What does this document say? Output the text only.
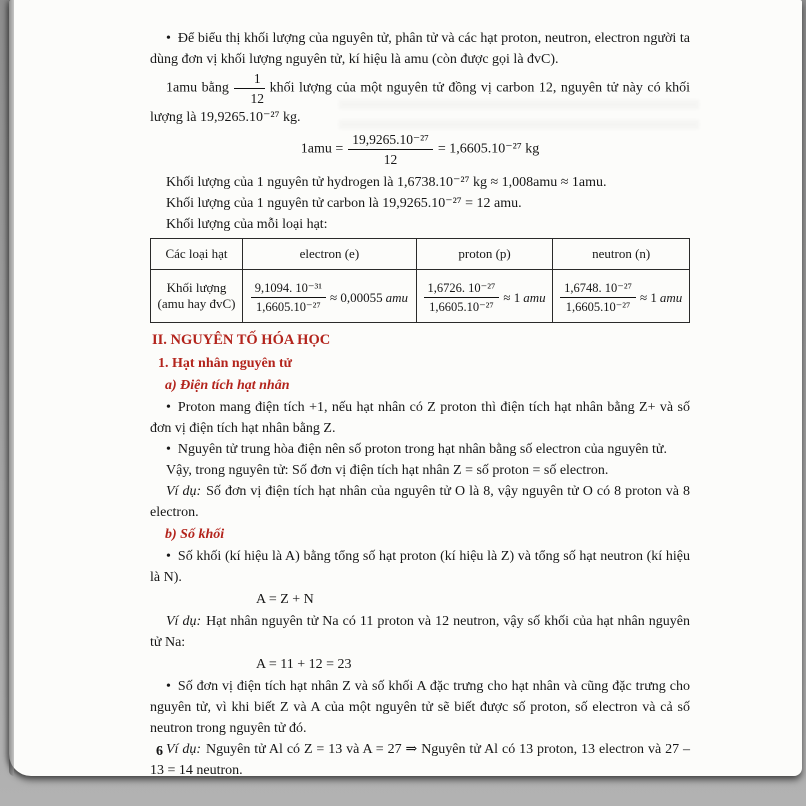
• Để biểu thị khối lượng của nguyên tử, phân tử và các hạt proton, neutron, electron người ta dùng đơn vị khối lượng nguyên tử, kí hiệu là amu (còn được gọi là đvC).

1amu bằng $\frac{1}{12}$ khối lượng của một nguyên tử đồng vị carbon 12, nguyên tử này có khối lượng là 19,9265.10⁻²⁷ kg.

$1amu = \frac{\text{19,9265.10⁻²⁷}}{12} = 1,6605.10^{-27}$ kg

Khối lượng của 1 nguyên tử hydrogen là 1,6738.10⁻²⁷ kg ≈ 1,008amu ≈ 1amu.

Khối lượng của 1 nguyên tử carbon là 19,9265.10⁻²⁷ = 12 amu.

Khối lượng của mỗi loại hạt:

Các loại hạt	electron (e)	proton (p)	neutron (n)
Khối lượng (amu hay đvC)	$\frac{\text{9,1094. 10⁻³¹}}{\text{1,6605.10⁻²⁷}} \approx 0,00055$ amu	$\frac{\text{1,6726. 10⁻²⁷}}{\text{1,6605.10⁻²⁷}} \approx 1$ amu	$\frac{\text{1,6748. 10⁻²⁷}}{\text{1,6605.10⁻²⁷}} \approx 1$ amu
II. NGUYÊN TỐ HÓA HỌC
1. Hạt nhân nguyên tử
a) Điện tích hạt nhân

• Proton mang điện tích +1, nếu hạt nhân có Z proton thì điện tích hạt nhân bằng Z+ và số đơn vị điện tích hạt nhân bằng Z.

• Nguyên tử trung hòa điện nên số proton trong hạt nhân bằng số electron của nguyên tử.

Vậy, trong nguyên tử: Số đơn vị điện tích hạt nhân Z = số proton = số electron.

Ví dụ: Số đơn vị điện tích hạt nhân của nguyên tử O là 8, vậy nguyên tử O có 8 proton và 8 electron.

b) Số khối

• Số khối (kí hiệu là A) bằng tổng số hạt proton (kí hiệu là Z) và tổng số hạt neutron (kí hiệu là N).

A = Z + N

Ví dụ: Hạt nhân nguyên tử Na có 11 proton và 12 neutron, vậy số khối của hạt nhân nguyên tử Na:

A = 11 + 12 = 23

• Số đơn vị điện tích hạt nhân Z và số khối A đặc trưng cho hạt nhân và cũng đặc trưng cho nguyên tử, vì khi biết Z và A của một nguyên tử sẽ biết được số proton, số electron và cả số neutron trong nguyên tử đó.

Ví dụ: Nguyên tử Al có Z = 13 và A = 27 ⇒ Nguyên tử Al có 13 proton, 13 electron và 27 – 13 = 14 neutron.

6
